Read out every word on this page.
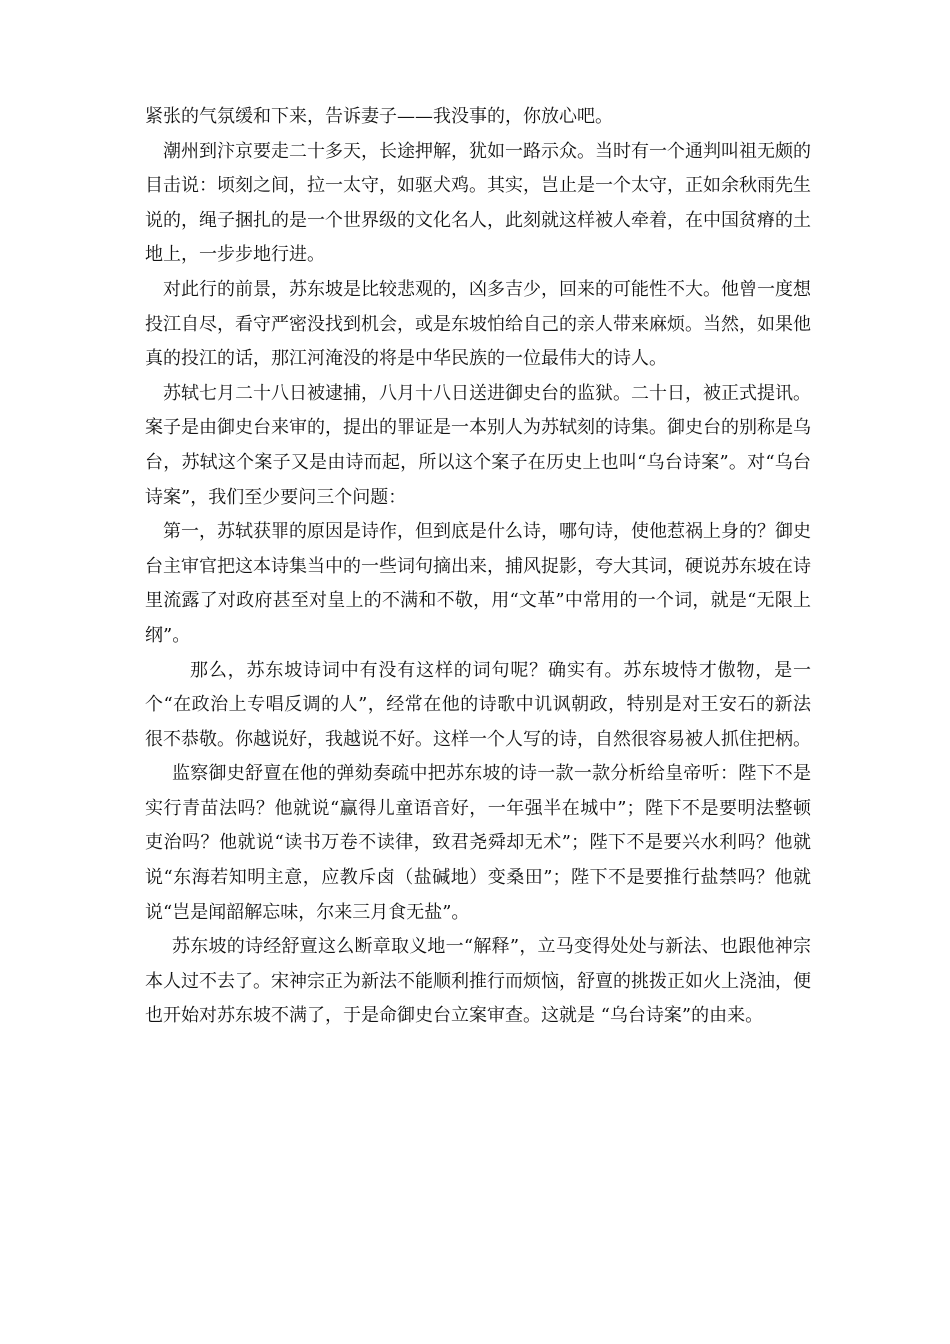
紧张的气氛缓和下来，告诉妻子——我没事的，你放心吧。

潮州到汴京要走二十多天，长途押解，犹如一路示众。当时有一个通判叫祖无颇的目击说：顷刻之间，拉一太守，如驱犬鸡。其实，岂止是一个太守，正如余秋雨先生说的，绳子捆扎的是一个世界级的文化名人，此刻就这样被人牵着，在中国贫瘠的土地上，一步步地行进。

对此行的前景，苏东坡是比较悲观的，凶多吉少，回来的可能性不大。他曾一度想投江自尽，看守严密没找到机会，或是东坡怕给自己的亲人带来麻烦。当然，如果他真的投江的话，那江河淹没的将是中华民族的一位最伟大的诗人。

苏轼七月二十八日被逮捕，八月十八日送进御史台的监狱。二十日，被正式提讯。案子是由御史台来审的，提出的罪证是一本别人为苏轼刻的诗集。御史台的别称是乌台，苏轼这个案子又是由诗而起，所以这个案子在历史上也叫“乌台诗案”。对“乌台诗案”，我们至少要问三个问题：

第一，苏轼获罪的原因是诗作，但到底是什么诗，哪句诗，使他惹祸上身的？御史台主审官把这本诗集当中的一些词句摘出来，捕风捉影，夸大其词，硬说苏东坡在诗里流露了对政府甚至对皇上的不满和不敬，用“文革”中常用的一个词，就是“无限上纲”。

那么，苏东坡诗词中有没有这样的词句呢？确实有。苏东坡恃才傲物，是一个“在政治上专唱反调的人”，经常在他的诗歌中讥讽朝政，特别是对王安石的新法很不恭敬。你越说好，我越说不好。这样一个人写的诗，自然很容易被人抓住把柄。

监察御史舒亶在他的弹劾奏疏中把苏东坡的诗一款一款分析给皇帝听：陛下不是实行青苗法吗？他就说“赢得儿童语音好，一年强半在城中”；陛下不是要明法整顿吏治吗？他就说“读书万卷不读律，致君尧舜却无术”；陛下不是要兴水利吗？他就说“东海若知明主意，应教斥卤（盐碱地）变桑田”；陛下不是要推行盐禁吗？他就说“岂是闻韶解忘味，尔来三月食无盐”。

苏东坡的诗经舒亶这么断章取义地一“解释”，立马变得处处与新法、也跟他神宗本人过不去了。宋神宗正为新法不能顺利推行而烦恼，舒亶的挑拨正如火上浇油，便也开始对苏东坡不满了，于是命御史台立案审查。这就是 “乌台诗案”的由来。
